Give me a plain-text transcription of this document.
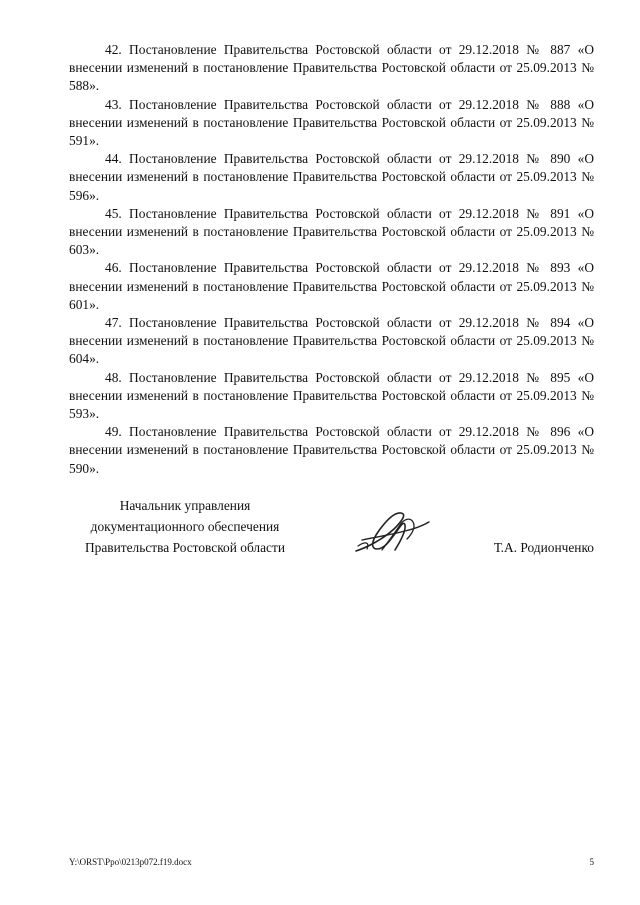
42. Постановление Правительства Ростовской области от 29.12.2018 № 887 «О внесении изменений в постановление Правительства Ростовской области от 25.09.2013 № 588».

43. Постановление Правительства Ростовской области от 29.12.2018 № 888 «О внесении изменений в постановление Правительства Ростовской области от 25.09.2013 № 591».

44. Постановление Правительства Ростовской области от 29.12.2018 № 890 «О внесении изменений в постановление Правительства Ростовской области от 25.09.2013 № 596».

45. Постановление Правительства Ростовской области от 29.12.2018 № 891 «О внесении изменений в постановление Правительства Ростовской области от 25.09.2013 № 603».

46. Постановление Правительства Ростовской области от 29.12.2018 № 893 «О внесении изменений в постановление Правительства Ростовской области от 25.09.2013 № 601».

47. Постановление Правительства Ростовской области от 29.12.2018 № 894 «О внесении изменений в постановление Правительства Ростовской области от 25.09.2013 № 604».

48. Постановление Правительства Ростовской области от 29.12.2018 № 895 «О внесении изменений в постановление Правительства Ростовской области от 25.09.2013 № 593».

49. Постановление Правительства Ростовской области от 29.12.2018 № 896 «О внесении изменений в постановление Правительства Ростовской области от 25.09.2013 № 590».

Начальник управления
документационного обеспечения
Правительства Ростовской области	Т.А. Родионченко
Y:\ORST\Ppo\0213p072.f19.docx	5
